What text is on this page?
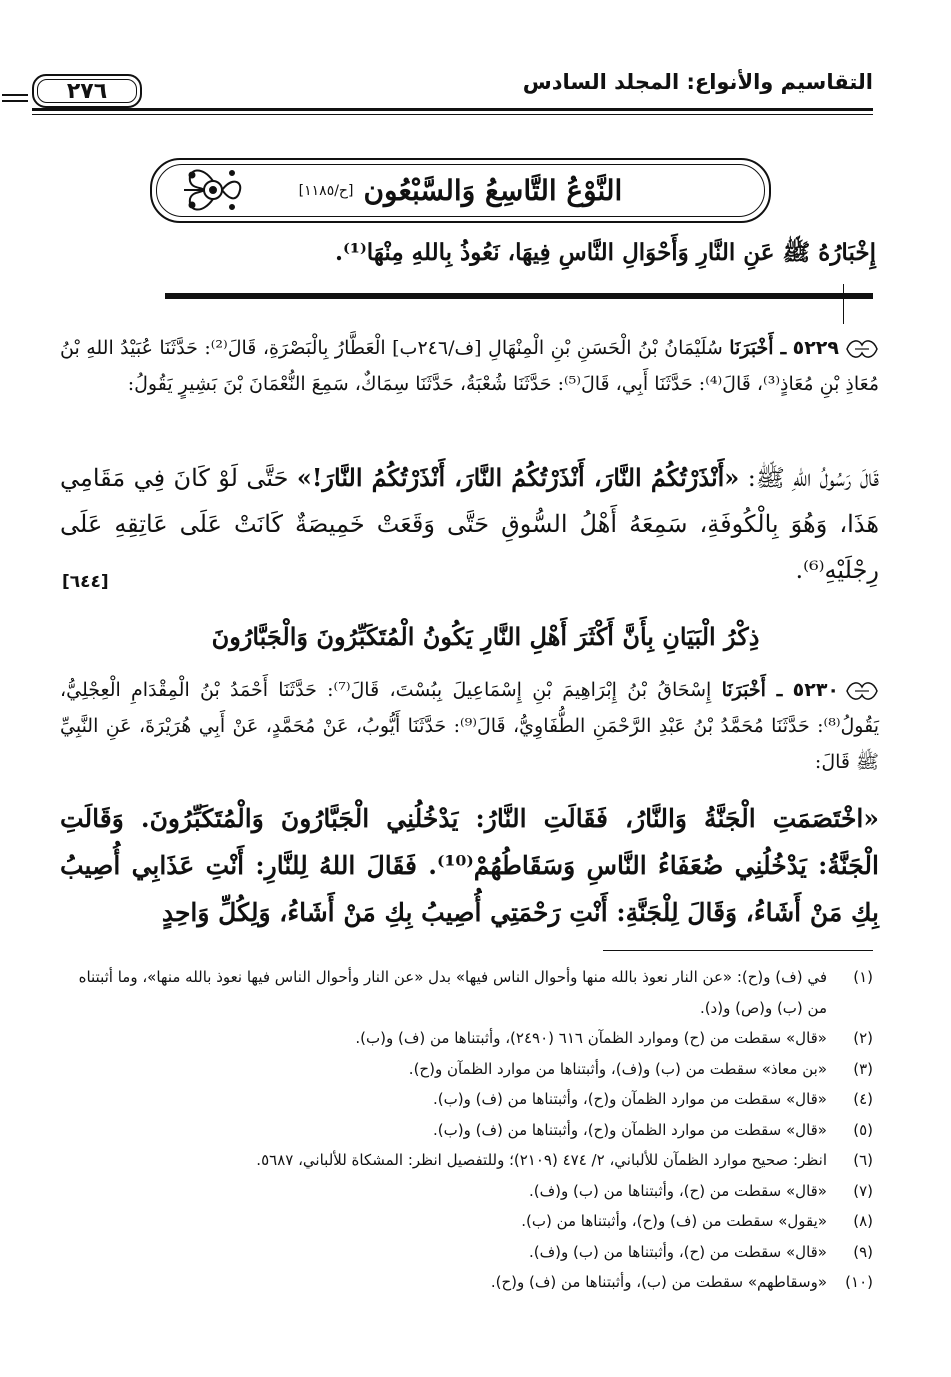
٢٧٦	التقاسيم والأنواع: المجلد السادس
النَّوْعُ التَّاسِعُ وَالسَّبْعُون
[ح/١١٨٥]
إِخْبَارُهُ ﷺ عَنِ النَّارِ وَأَحْوَالِ النَّاسِ فِيهَا، نَعُوذُ بِاللهِ مِنْهَا⁽¹⁾.
٥٢٢٩ ـ أَخْبَرَنَا سُلَيْمَانُ بْنُ الْحَسَنِ بْنِ الْمِنْهَالِ [ف/٢٤٦ب] الْعَطَّارُ بِالْبَصْرَةِ، قَالَ⁽²⁾: حَدَّثَنَا عُبَيْدُ اللهِ بْنُ مُعَاذِ بْنِ مُعَاذٍ⁽³⁾، قَالَ⁽⁴⁾: حَدَّثَنَا أَبِي، قَالَ⁽⁵⁾: حَدَّثَنَا شُعْبَةُ، حَدَّثَنَا سِمَاكٌ، سَمِعَ النُّعْمَانَ بْنَ بَشِيرٍ يَقُولُ:
قَالَ رَسُولُ اللهِ ﷺ: «أَنْذَرْتُكُمُ النَّارَ، أَنْذَرْتُكُمُ النَّارَ، أَنْذَرْتُكُمُ النَّارَ!» حَتَّى لَوْ كَانَ فِي مَقَامِي هَذَا، وَهُوَ بِالْكُوفَةِ، سَمِعَهُ أَهْلُ السُّوقِ حَتَّى وَقَعَتْ خَمِيصَةٌ كَانَتْ عَلَى عَاتِقِهِ عَلَى رِجْلَيْهِ⁽⁶⁾.
[٦٤٤]
ذِكْرُ الْبَيَانِ بِأَنَّ أَكْثَرَ أَهْلِ النَّارِ يَكُونُ الْمُتَكَبِّرُونَ وَالْجَبَّارُونَ
٥٢٣٠ ـ أَخْبَرَنَا إِسْحَاقُ بْنُ إِبْرَاهِيمَ بْنِ إِسْمَاعِيلَ بِبُسْتَ، قَالَ⁽⁷⁾: حَدَّثَنَا أَحْمَدُ بْنُ الْمِقْدَامِ الْعِجْلِيُّ، يَقُولُ⁽⁸⁾: حَدَّثَنَا مُحَمَّدُ بْنُ عَبْدِ الرَّحْمَنِ الطُّفَاوِيُّ، قَالَ⁽⁹⁾: حَدَّثَنَا أَيُّوبُ، عَنْ مُحَمَّدٍ، عَنْ أَبِي هُرَيْرَةَ، عَنِ النَّبِيِّ ﷺ قَالَ:
«اخْتَصَمَتِ الْجَنَّةُ وَالنَّارُ، فَقَالَتِ النَّارُ: يَدْخُلُنِي الْجَبَّارُونَ وَالْمُتَكَبِّرُونَ. وَقَالَتِ الْجَنَّةُ: يَدْخُلُنِي ضُعَفَاءُ النَّاسِ وَسَقَاطُهُمْ⁽¹⁰⁾. فَقَالَ اللهُ لِلنَّارِ: أَنْتِ عَذَابِي أُصِيبُ بِكِ مَنْ أَشَاءُ، وَقَالَ لِلْجَنَّةِ: أَنْتِ رَحْمَتِي أُصِيبُ بِكِ مَنْ أَشَاءُ، وَلِكُلِّ وَاحِدٍ
(١)
في (ف) و(ح): «عن النار نعوذ بالله منها وأحوال الناس فيها» بدل «عن النار وأحوال الناس فيها نعوذ بالله منها»، وما أثبتناه من (ب) و(ص) و(د).
(٢)
«قال» سقطت من (ح) وموارد الظمآن ٦١٦ (٢٤٩٠)، وأثبتناها من (ف) و(ب).
(٣)
«بن معاذ» سقطت من (ب) و(ف)، وأثبتناها من موارد الظمآن و(ح).
(٤)
«قال» سقطت من موارد الظمآن و(ح)، وأثبتناها من (ف) و(ب).
(٥)
«قال» سقطت من موارد الظمآن و(ح)، وأثبتناها من (ف) و(ب).
(٦)
انظر: صحيح موارد الظمآن للألباني، ٢/ ٤٧٤ (٢١٠٩)؛ وللتفصيل انظر: المشكاة للألباني، ٥٦٨٧.
(٧)
«قال» سقطت من (ح)، وأثبتناها من (ب) و(ف).
(٨)
«يقول» سقطت من (ف) و(ح)، وأثبتناها من (ب).
(٩)
«قال» سقطت من (ح)، وأثبتناها من (ب) و(ف).
(١٠)
«وسقاطهم» سقطت من (ب)، وأثبتناها من (ف) و(ح).
